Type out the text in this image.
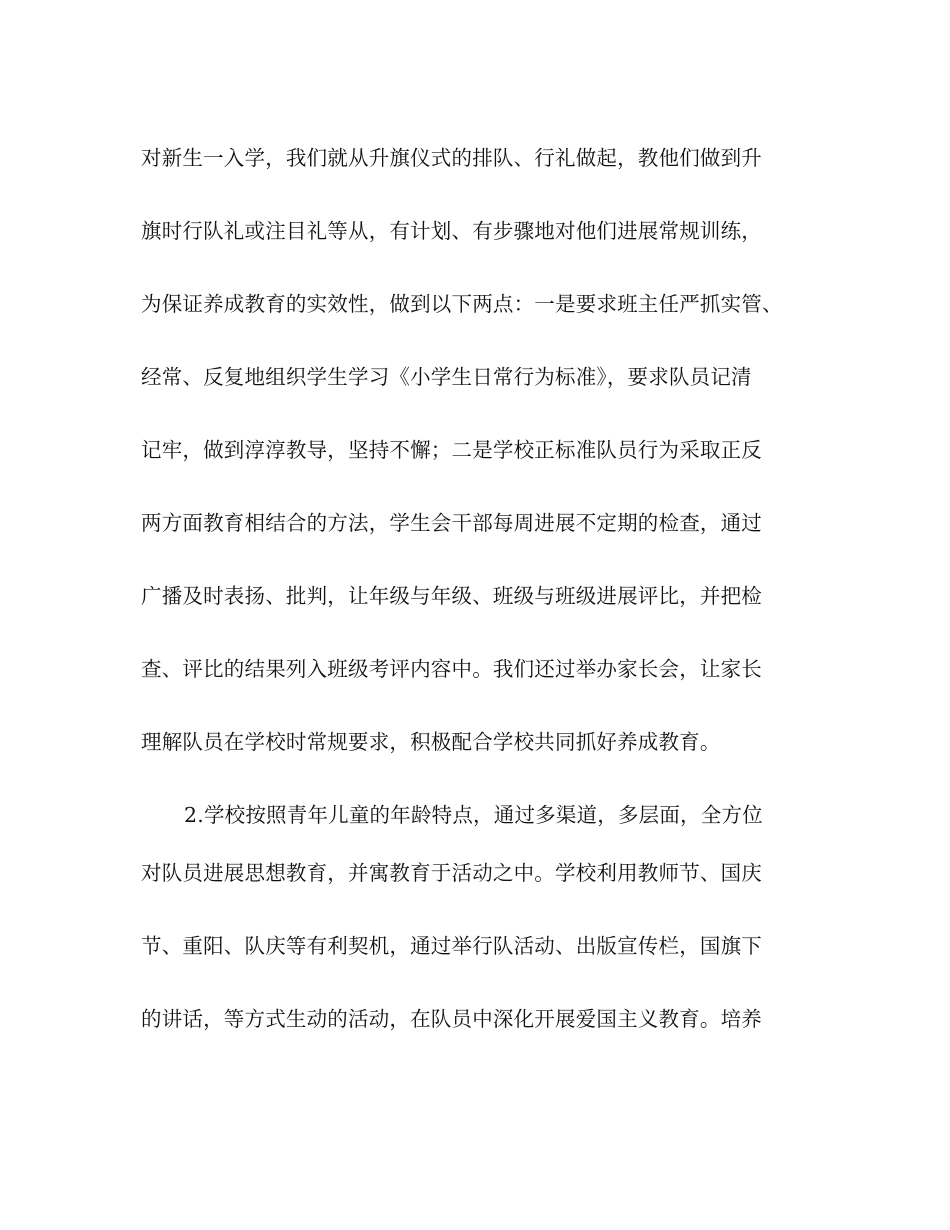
对新生一入学，我们就从升旗仪式的排队、行礼做起，教他们做到升
旗时行队礼或注目礼等从，有计划、有步骤地对他们进展常规训练，
为保证养成教育的实效性，做到以下两点：一是要求班主任严抓实管、
经常、反复地组织学生学习《小学生日常行为标准》，要求队员记清
记牢，做到淳淳教导，坚持不懈；二是学校正标准队员行为采取正反
两方面教育相结合的方法，学生会干部每周进展不定期的检查，通过
广播及时表扬、批判，让年级与年级、班级与班级进展评比，并把检
查、评比的结果列入班级考评内容中。我们还过举办家长会，让家长
理解队员在学校时常规要求，积极配合学校共同抓好养成教育。
2.学校按照青年儿童的年龄特点，通过多渠道，多层面，全方位
对队员进展思想教育，并寓教育于活动之中。学校利用教师节、国庆
节、重阳、队庆等有利契机，通过举行队活动、出版宣传栏，国旗下
的讲话，等方式生动的活动，在队员中深化开展爱国主义教育。培养
